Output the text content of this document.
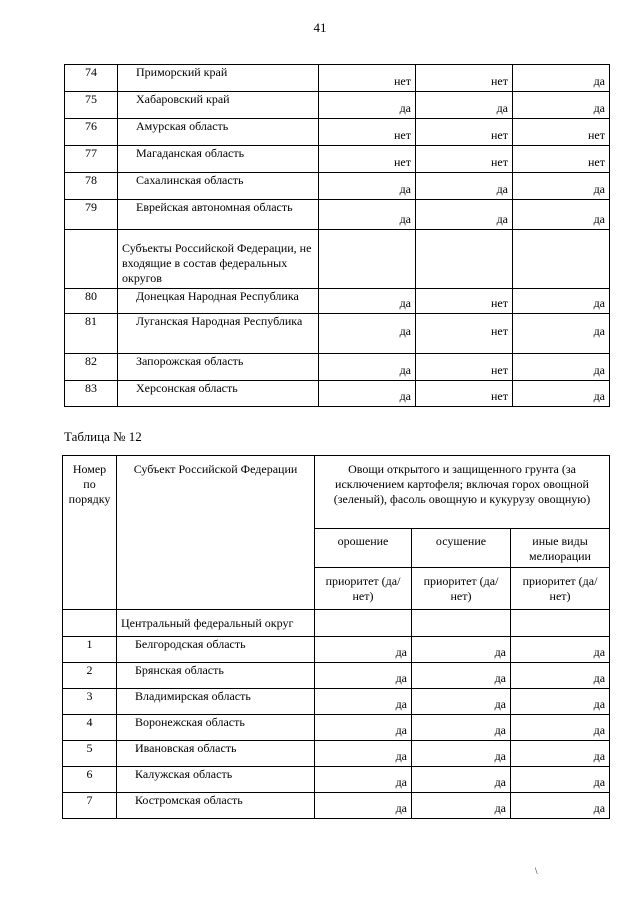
41
74	Приморский край	нет	нет	да
75	Хабаровский край	да	да	да
76	Амурская область	нет	нет	нет
77	Магаданская область	нет	нет	нет
78	Сахалинская область	да	да	да
79	Еврейская автономная область	да	да	да
	Субъекты Российской Федерации, не входящие в состав федеральных округов			
80	Донецкая Народная Республика	да	нет	да
81	Луганская Народная Республика	да	нет	да
82	Запорожская область	да	нет	да
83	Херсонская область	да	нет	да
Таблица № 12
Номер по порядку	Субъект Российской Федерации	Овощи открытого и защищенного грунта (за исключением картофеля; включая горох овощной (зеленый), фасоль овощную и кукурузу овощную)		
		орошение	осушение	иные виды мелиорации
		приоритет (да/нет)	приоритет (да/нет)	приоритет (да/нет)
	Центральный федеральный округ			
1	Белгородская область	да	да	да
2	Брянская область	да	да	да
3	Владимирская область	да	да	да
4	Воронежская область	да	да	да
5	Ивановская область	да	да	да
6	Калужская область	да	да	да
7	Костромская область	да	да	да
\
